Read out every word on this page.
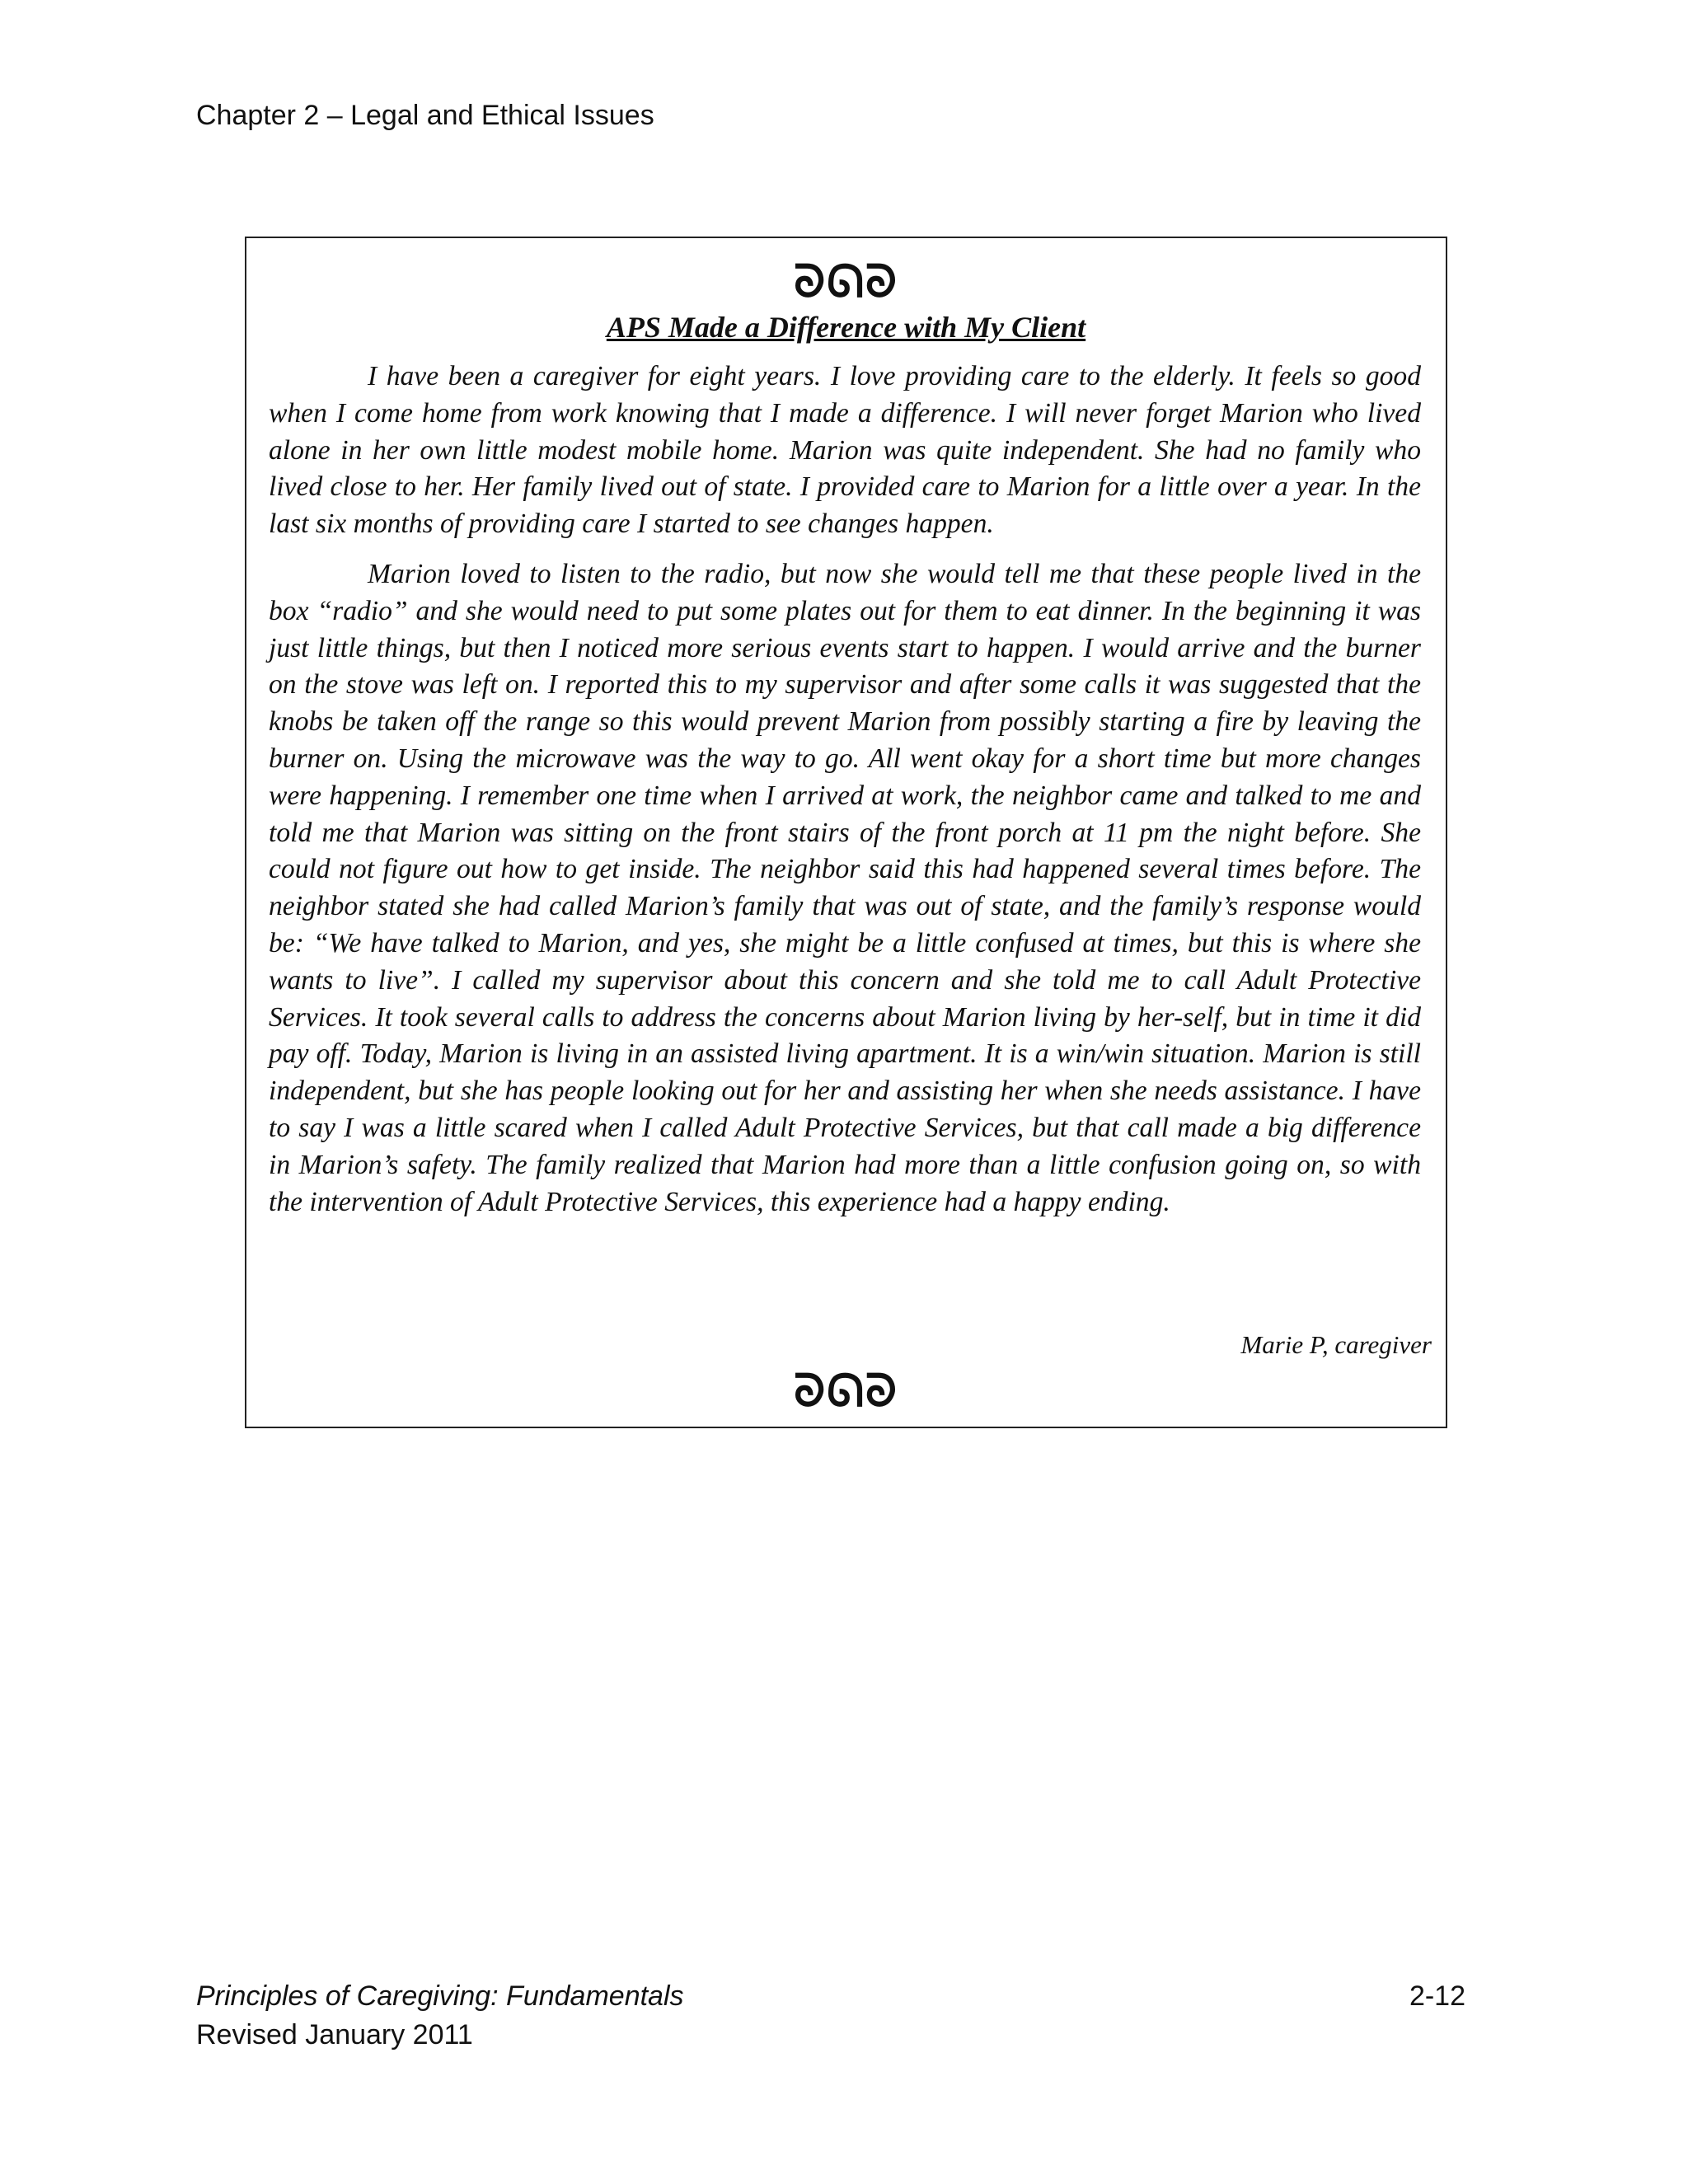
Chapter 2 – Legal and Ethical Issues
ᘐᘏᘐ
APS Made a Difference with My Client

I have been a caregiver for eight years. I love providing care to the elderly. It feels so good when I come home from work knowing that I made a difference. I will never forget Marion who lived alone in her own little modest mobile home. Marion was quite independent. She had no family who lived close to her. Her family lived out of state. I provided care to Marion for a little over a year. In the last six months of providing care I started to see changes happen.

Marion loved to listen to the radio, but now she would tell me that these people lived in the box “radio” and she would need to put some plates out for them to eat dinner. In the beginning it was just little things, but then I noticed more serious events start to happen. I would arrive and the burner on the stove was left on. I reported this to my supervisor and after some calls it was suggested that the knobs be taken off the range so this would prevent Marion from possibly starting a fire by leaving the burner on. Using the microwave was the way to go. All went okay for a short time but more changes were happening. I remember one time when I arrived at work, the neighbor came and talked to me and told me that Marion was sitting on the front stairs of the front porch at 11 pm the night before. She could not figure out how to get inside. The neighbor said this had happened several times before. The neighbor stated she had called Marion’s family that was out of state, and the family’s response would be: “We have talked to Marion, and yes, she might be a little confused at times, but this is where she wants to live”. I called my supervisor about this concern and she told me to call Adult Protective Services. It took several calls to address the concerns about Marion living by her-self, but in time it did pay off. Today, Marion is living in an assisted living apartment. It is a win/win situation. Marion is still independent, but she has people looking out for her and assisting her when she needs assistance. I have to say I was a little scared when I called Adult Protective Services, but that call made a big difference in Marion’s safety. The family realized that Marion had more than a little confusion going on, so with the intervention of Adult Protective Services, this experience had a happy ending.

Marie P, caregiver
ᘐᘏᘐ
Principles of Caregiving: Fundamentals
Revised January 2011
2-12
